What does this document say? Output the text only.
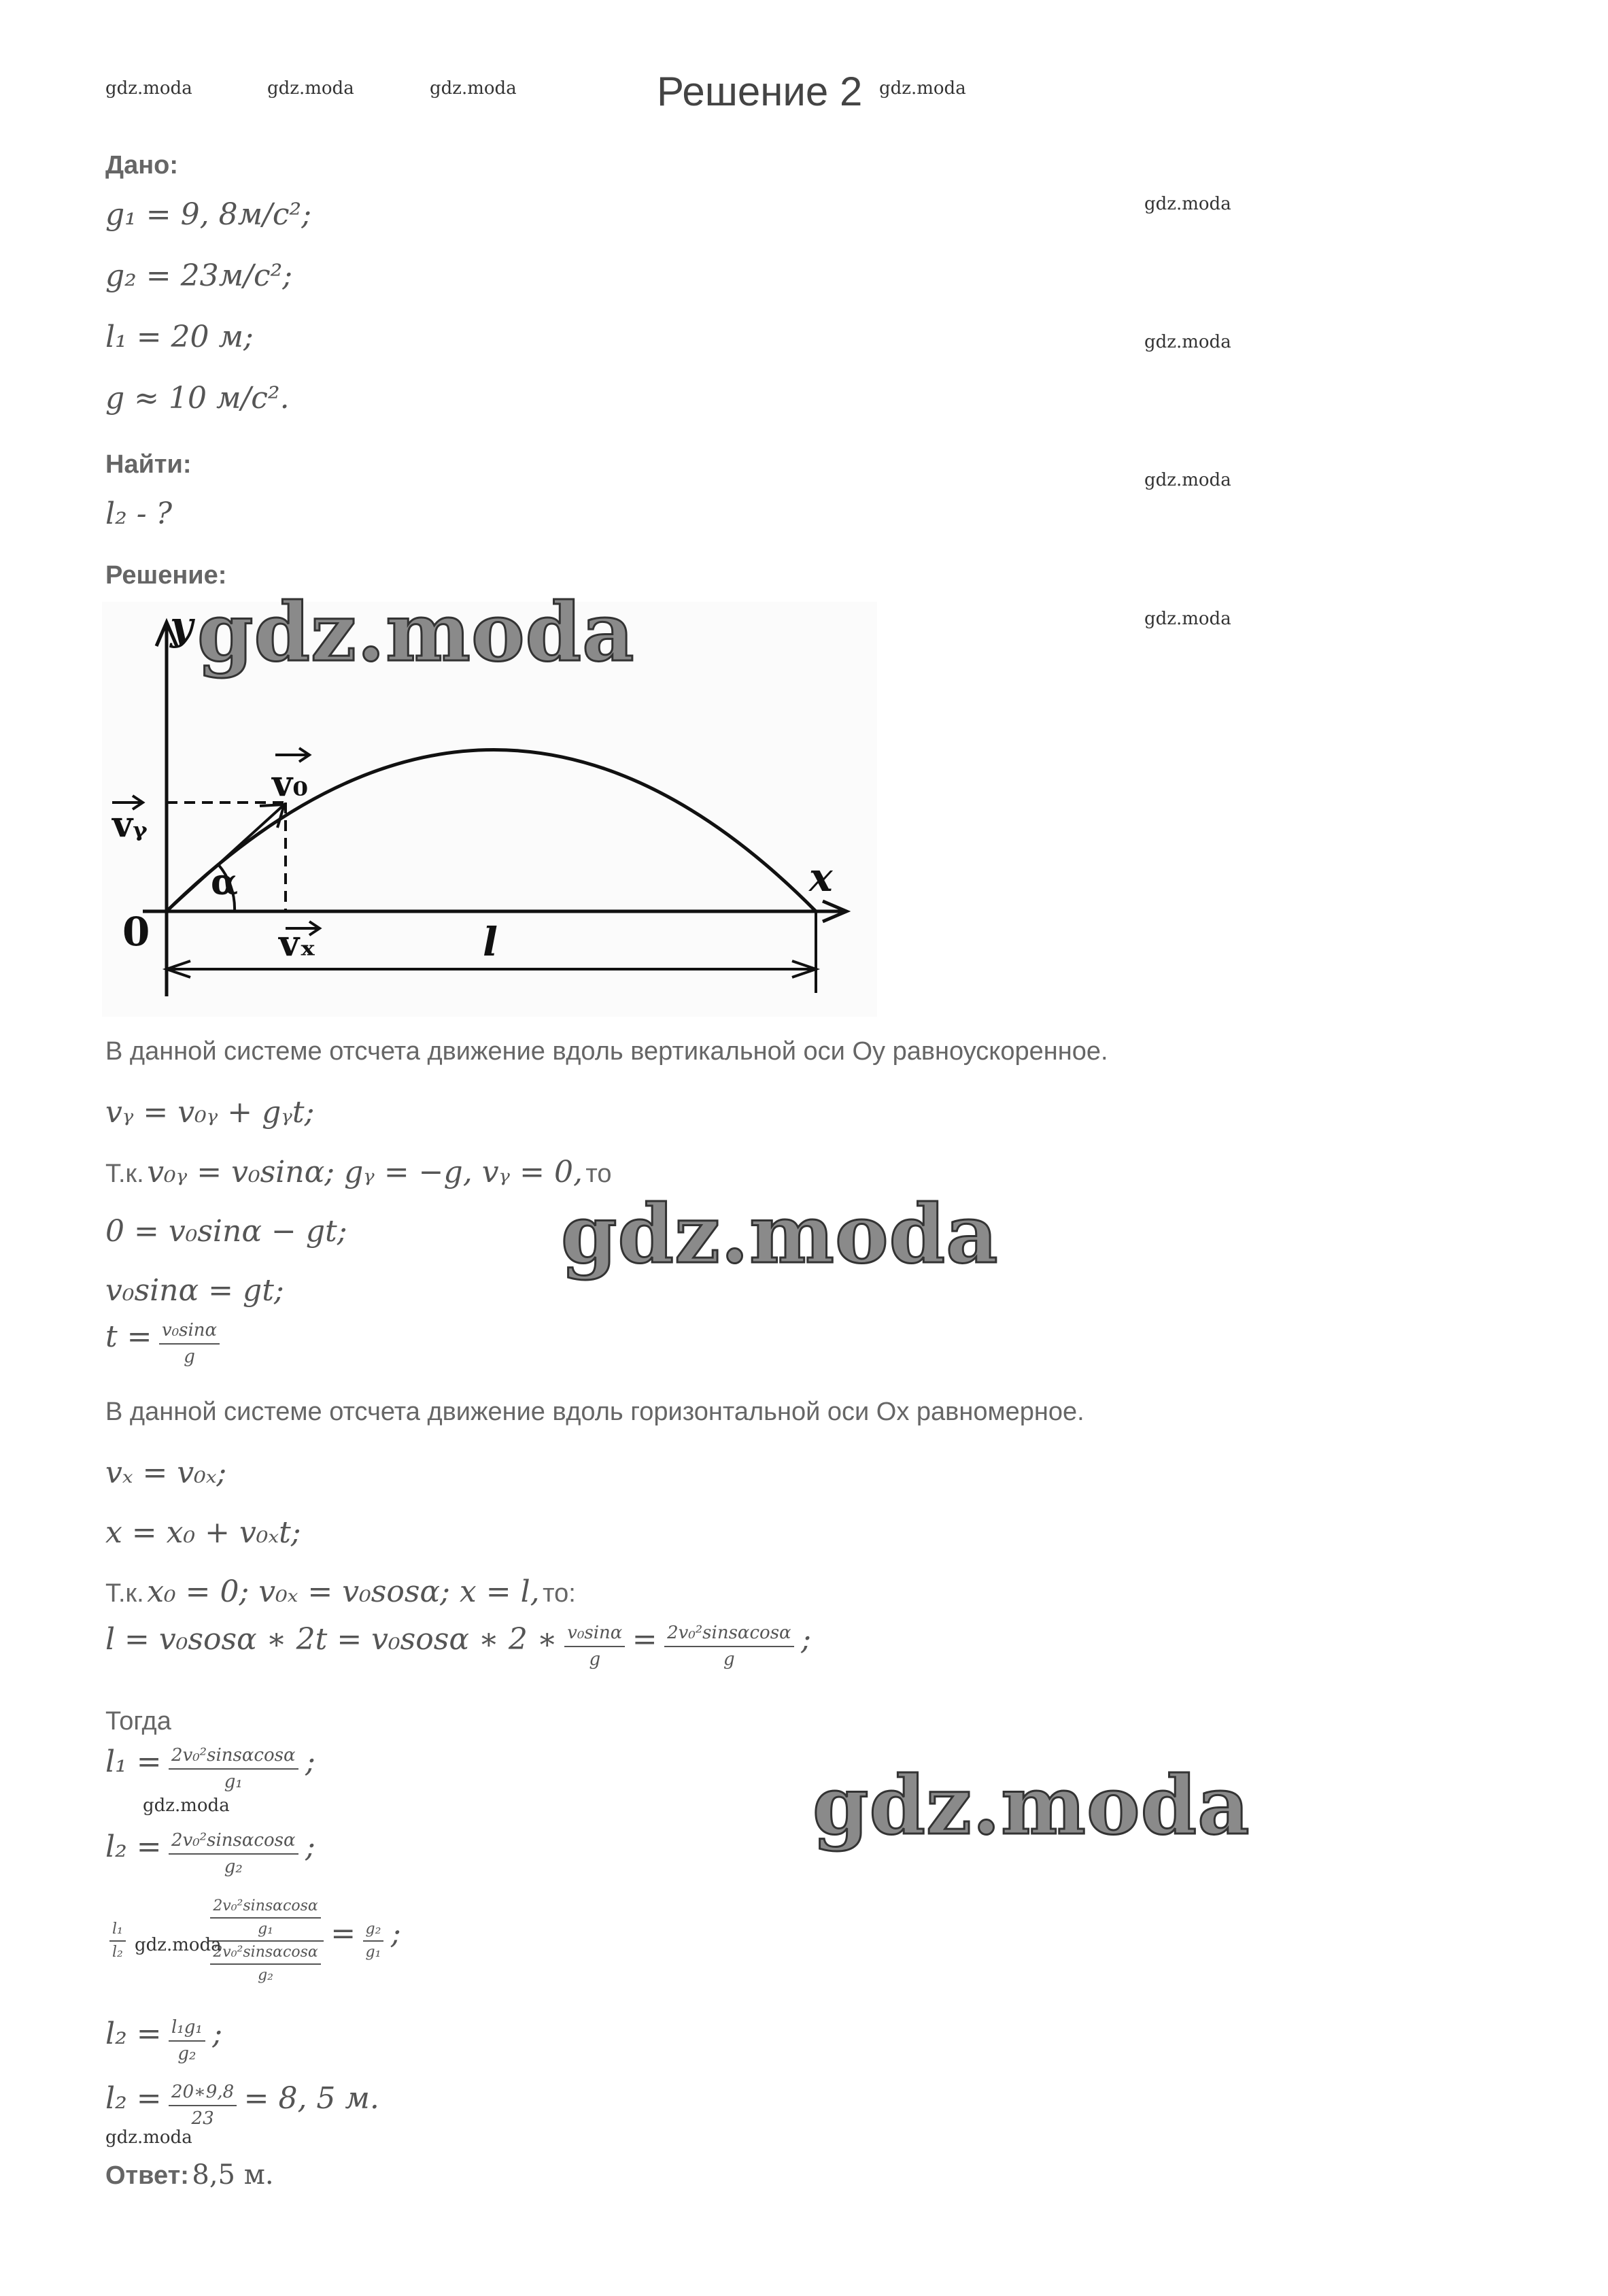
gdz.moda	gdz.moda	gdz.moda	Решение 2 gdz.moda
gdz.moda
gdz.moda
gdz.moda
gdz.moda
Дано:
g₁ = 9, 8м/с²;
g₂ = 23м/с²;
l₁ = 20 м;
g ≈ 10 м/с².
Найти:
l₂ - ?
Решение:
y
x
0
v₀
vᵧ
vₓ
α
l
gdz.moda
В данной системе отсчета движение вдоль вертикальной оси Oy равноускоренное.
vᵧ = v₀ᵧ + gᵧt;
Т.к. v₀ᵧ = v₀sinα; gᵧ = −g, vᵧ = 0, то
0 = v₀sinα − gt;	gdz.moda
v₀sinα = gt;
$t = \frac{\text{v₀sinα}}{g}$
В данной системе отсчета движение вдоль горизонтальной оси Ox равномерное.
vₓ = v₀ₓ;
x = x₀ + v₀ₓt;
Т.к. x₀ = 0; v₀ₓ = v₀sosα; x = l, то:
l = v₀sosα ∗ 2t = v₀sosα ∗ 2 ∗ $\frac{\text{v₀sinα}}{g} = \frac{\text{2v₀²sinsαcosα}}{g}$ ;
Тогда
$l_1 = \frac{\text{2v₀²sinsαcosα}}{\text{g₁}}$ ;
gdz.moda	gdz.moda
$l_2 = \frac{\text{2v₀²sinsαcosα}}{\text{g₂}}$ ;
$\frac{\text{l₁}}{\text{l₂}}$
	$\frac{\frac{\text{2v₀²sinsαcosα}}{\text{g₁}}}{\frac{\text{2v₀²sinsαcosα}}{\text{g₂}}} = \frac{\text{g₂}}{\text{g₁}}$ ;
gdz.moda
$l_2 = \frac{\text{l₁g₁}}{\text{g₂}}$ ;
$l_2 = \frac{20∗9,8}{23} = 8$, 5 м.
gdz.moda
Ответ: 8,5 м.
